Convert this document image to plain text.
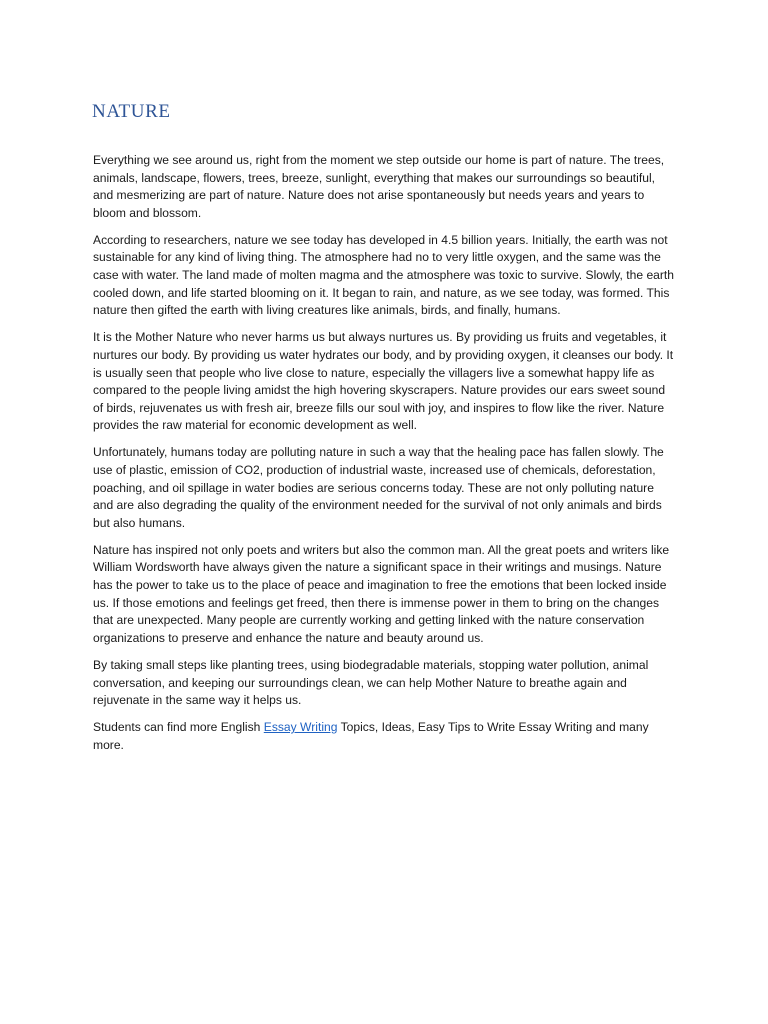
NATURE

Everything we see around us, right from the moment we step outside our home is part of nature. The trees, animals, landscape, flowers, trees, breeze, sunlight, everything that makes our surroundings so beautiful, and mesmerizing are part of nature. Nature does not arise spontaneously but needs years and years to bloom and blossom.

According to researchers, nature we see today has developed in 4.5 billion years. Initially, the earth was not sustainable for any kind of living thing. The atmosphere had no to very little oxygen, and the same was the case with water. The land made of molten magma and the atmosphere was toxic to survive. Slowly, the earth cooled down, and life started blooming on it. It began to rain, and nature, as we see today, was formed. This nature then gifted the earth with living creatures like animals, birds, and finally, humans.

It is the Mother Nature who never harms us but always nurtures us. By providing us fruits and vegetables, it nurtures our body. By providing us water hydrates our body, and by providing oxygen, it cleanses our body. It is usually seen that people who live close to nature, especially the villagers live a somewhat happy life as compared to the people living amidst the high hovering skyscrapers. Nature provides our ears sweet sound of birds, rejuvenates us with fresh air, breeze fills our soul with joy, and inspires to flow like the river. Nature provides the raw material for economic development as well.

Unfortunately, humans today are polluting nature in such a way that the healing pace has fallen slowly. The use of plastic, emission of CO2, production of industrial waste, increased use of chemicals, deforestation, poaching, and oil spillage in water bodies are serious concerns today. These are not only polluting nature and are also degrading the quality of the environment needed for the survival of not only animals and birds but also humans.

Nature has inspired not only poets and writers but also the common man. All the great poets and writers like William Wordsworth have always given the nature a significant space in their writings and musings. Nature has the power to take us to the place of peace and imagination to free the emotions that been locked inside us. If those emotions and feelings get freed, then there is immense power in them to bring on the changes that are unexpected. Many people are currently working and getting linked with the nature conservation organizations to preserve and enhance the nature and beauty around us.

By taking small steps like planting trees, using biodegradable materials, stopping water pollution, animal conversation, and keeping our surroundings clean, we can help Mother Nature to breathe again and rejuvenate in the same way it helps us.

Students can find more English Essay Writing Topics, Ideas, Easy Tips to Write Essay Writing and many more.
